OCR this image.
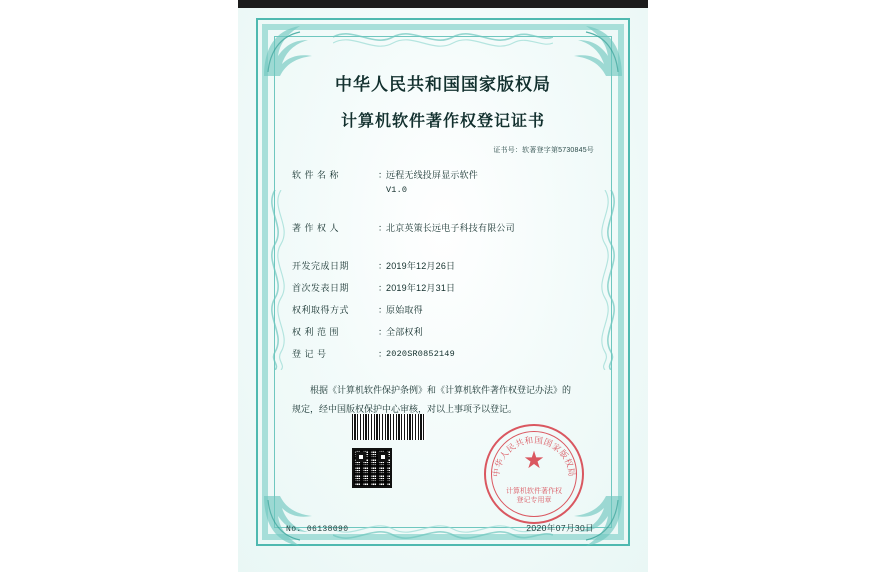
中华人民共和国国家版权局
计算机软件著作权登记证书
证书号：软著登字第5730845号
软 件 名 称	：
远程无线投屏显示软件
V1.0
著 作 权 人	：
北京英策长远电子科技有限公司
开发完成日期	：
2019年12月26日
首次发表日期	：
2019年12月31日
权利取得方式	：
原始取得
权 利 范 围	：
全部权利
登 记 号	：
2020SR0852149
根据《计算机软件保护条例》和《计算机软件著作权登记办法》的
规定，经中国版权保护中心审核，对以上事项予以登记。
中华人民共和国国家版权局
★
计算机软件著作权
登记专用章
No. 06138090	2020年07月30日
